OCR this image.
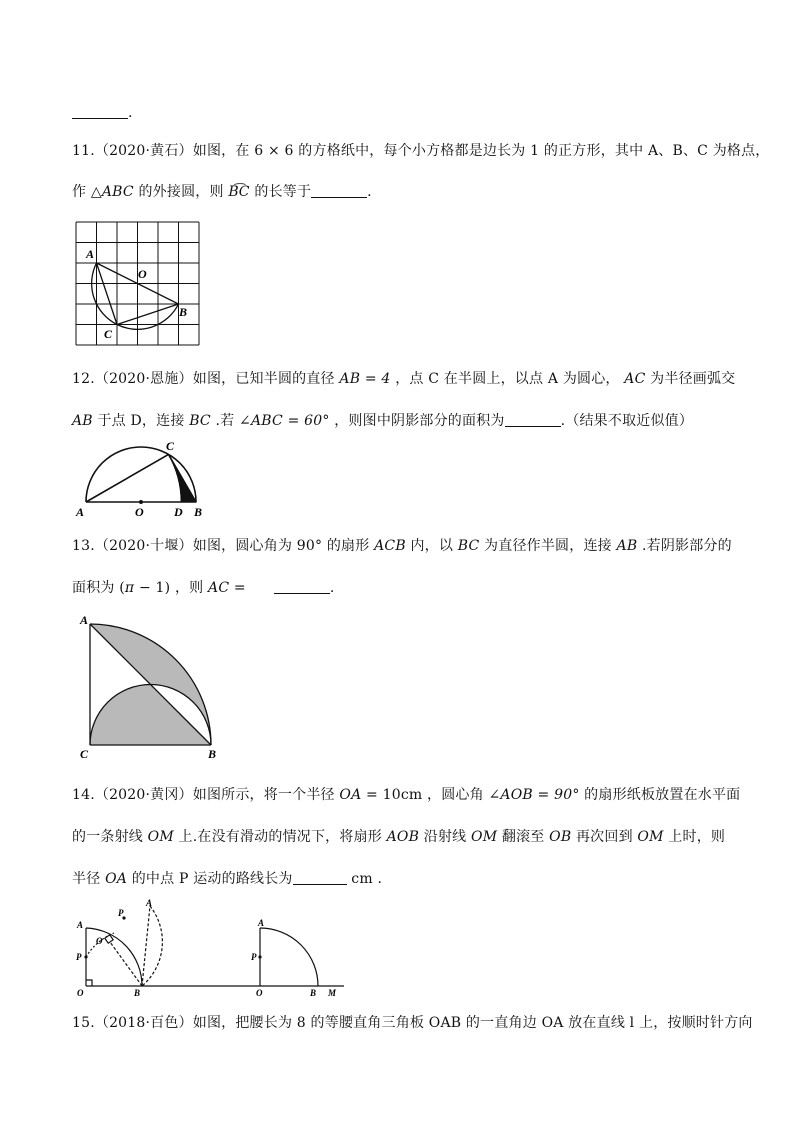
.
11.（2020·黄石）如图，在 6 × 6 的方格纸中，每个小方格都是边长为 1 的正方形，其中 A、B、C 为格点，
作 △ABC 的外接圆，则 B͡C 的长等于	.
A
O
B
C
12.（2020·恩施）如图，已知半圆的直径 AB = 4 ，点 C 在半圆上，以点 A 为圆心， AC 为半径画弧交
AB 于点 D，连接 BC .若 ∠ABC = 60° ，则图中阴影部分的面积为	.（结果不取近似值）
A	O	D B
C
13.（2020·十堰）如图，圆心角为 90° 的扇形 ACB 内，以 BC 为直径作半圆，连接 AB .若阴影部分的
面积为 (π − 1) ，则 AC =	.
A
C	B
14.（2020·黄冈）如图所示，将一个半径 OA = 10cm ，圆心角 ∠AOB = 90° 的扇形纸板放置在水平面
的一条射线 OM 上.在没有滑动的情况下，将扇形 AOB 沿射线 OM 翻滚至 OB 再次回到 OM 上时，则
半径 OA 的中点 P 运动的路线长为	cm .
A
P
O	B
O
P
A
A
P
O	B M
15.（2018·百色）如图，把腰长为 8 的等腰直角三角板 OAB 的一直角边 OA 放在直线 l 上，按顺时针方向
